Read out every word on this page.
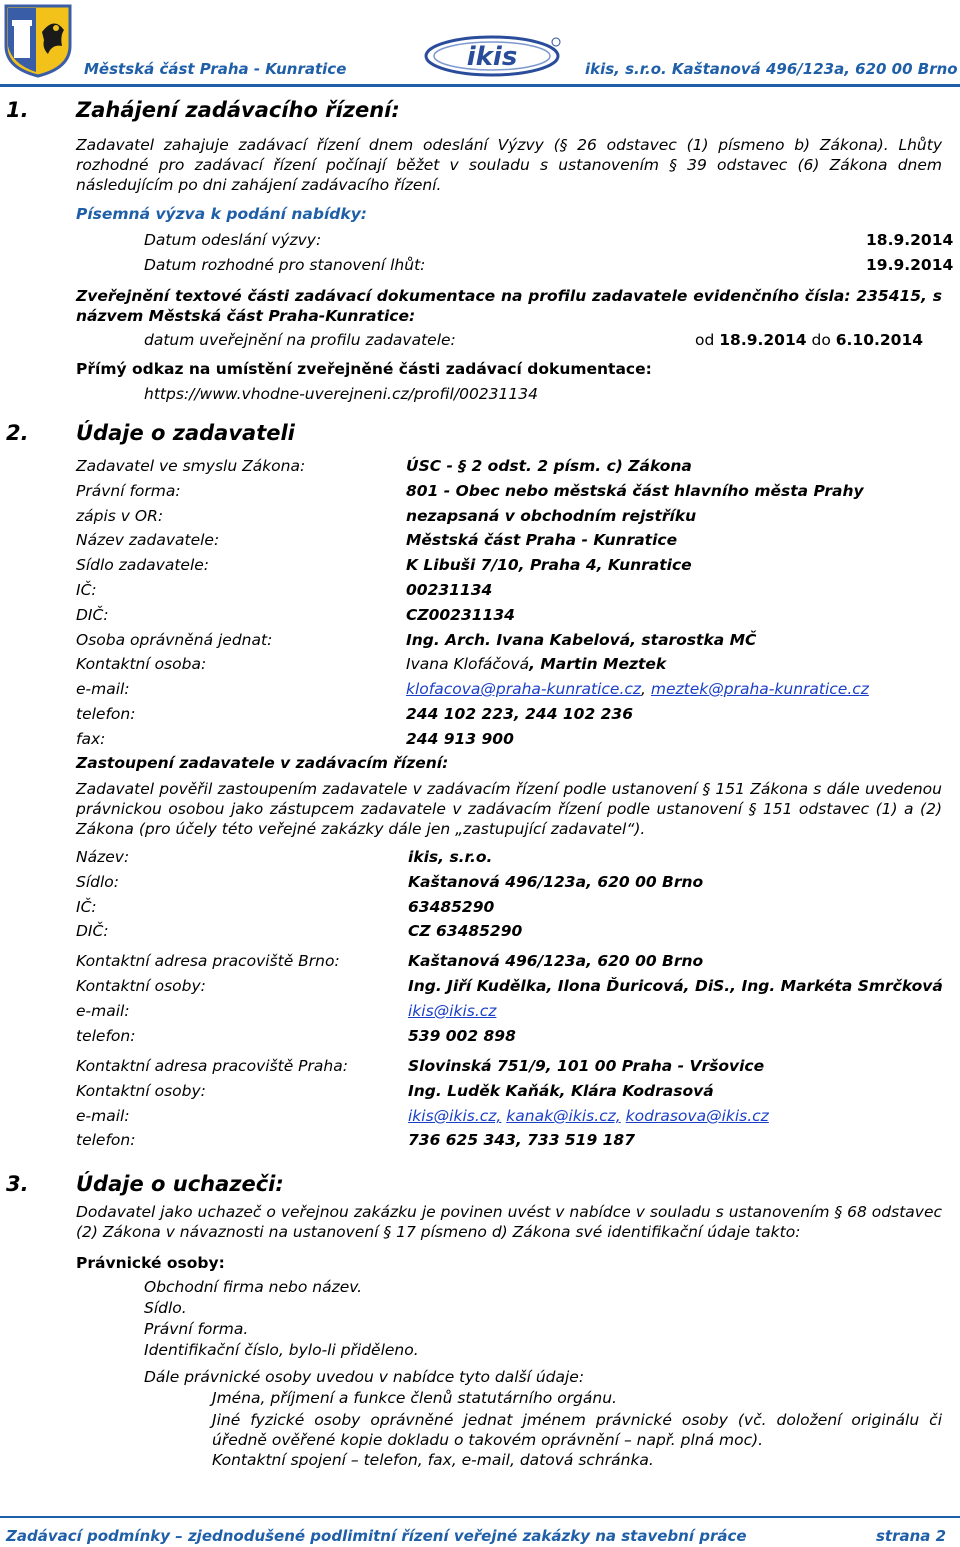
Městská část Praha - Kunratice	ikis	ikis, s.r.o. Kaštanová 496/123a, 620 00 Brno
1. Zahájení zadávacího řízení:
Zadavatel zahajuje zadávací řízení dnem odeslání Výzvy (§ 26 odstavec (1) písmeno b) Zákona). Lhůty rozhodné pro zadávací řízení počínají běžet v souladu s ustanovením § 39 odstavec (6) Zákona dnem následujícím po dni zahájení zadávacího řízení.
Písemná výzva k podání nabídky:
Datum odeslání výzvy:	18.9.2014
Datum rozhodné pro stanovení lhůt:	19.9.2014
Zveřejnění textové části zadávací dokumentace na profilu zadavatele evidenčního čísla: 235415, s názvem Městská část Praha-Kunratice:
datum uveřejnění na profilu zadavatele:	od 18.9.2014 do 6.10.2014
Přímý odkaz na umístění zveřejněné části zadávací dokumentace:
https://www.vhodne-uverejneni.cz/profil/00231134
2. Údaje o zadavateli
Zadavatel ve smyslu Zákona:	ÚSC - § 2 odst. 2 písm. c) Zákona
Právní forma:	801 - Obec nebo městská část hlavního města Prahy
zápis v OR:	nezapsaná v obchodním rejstříku
Název zadavatele:	Městská část Praha - Kunratice
Sídlo zadavatele:	K Libuši 7/10, Praha 4, Kunratice
IČ:	00231134
DIČ:	CZ00231134
Osoba oprávněná jednat:	Ing. Arch. Ivana Kabelová, starostka MČ
Kontaktní osoba:	Ivana Klofáčová, Martin Meztek
e-mail:	klofacova@praha-kunratice.cz, meztek@praha-kunratice.cz
telefon:	244 102 223, 244 102 236
fax:	244 913 900
Zastoupení zadavatele v zadávacím řízení:
Zadavatel pověřil zastoupením zadavatele v zadávacím řízení podle ustanovení § 151 Zákona s dále uvedenou právnickou osobou jako zástupcem zadavatele v zadávacím řízení podle ustanovení § 151 odstavec (1) a (2) Zákona (pro účely této veřejné zakázky dále jen „zastupující zadavatel“).
Název:	ikis, s.r.o.
Sídlo:	Kaštanová 496/123a, 620 00 Brno
IČ:	63485290
DIČ:	CZ 63485290
Kontaktní adresa pracoviště Brno:	Kaštanová 496/123a, 620 00 Brno
Kontaktní osoby:	Ing. Jiří Kudělka, Ilona Ďuricová, DiS., Ing. Markéta Smrčková
e-mail:	ikis@ikis.cz
telefon:	539 002 898
Kontaktní adresa pracoviště Praha:	Slovinská 751/9, 101 00 Praha - Vršovice
Kontaktní osoby:	Ing. Luděk Kaňák, Klára Kodrasová
e-mail:	ikis@ikis.cz, kanak@ikis.cz, kodrasova@ikis.cz
telefon:	736 625 343, 733 519 187
3. Údaje o uchazeči:
Dodavatel jako uchazeč o veřejnou zakázku je povinen uvést v nabídce v souladu s ustanovením § 68 odstavec (2) Zákona v návaznosti na ustanovení § 17 písmeno d) Zákona své identifikační údaje takto:
Právnické osoby:
Obchodní firma nebo název.
Sídlo.
Právní forma.
Identifikační číslo, bylo-li přiděleno.
Dále právnické osoby uvedou v nabídce tyto další údaje:
Jména, příjmení a funkce členů statutárního orgánu.
Jiné fyzické osoby oprávněné jednat jménem právnické osoby (vč. doložení originálu či úředně ověřené kopie dokladu o takovém oprávnění – např. plná moc).
Kontaktní spojení – telefon, fax, e-mail, datová schránka.
Zadávací podmínky – zjednodušené podlimitní řízení veřejné zakázky na stavební práce	strana 2
